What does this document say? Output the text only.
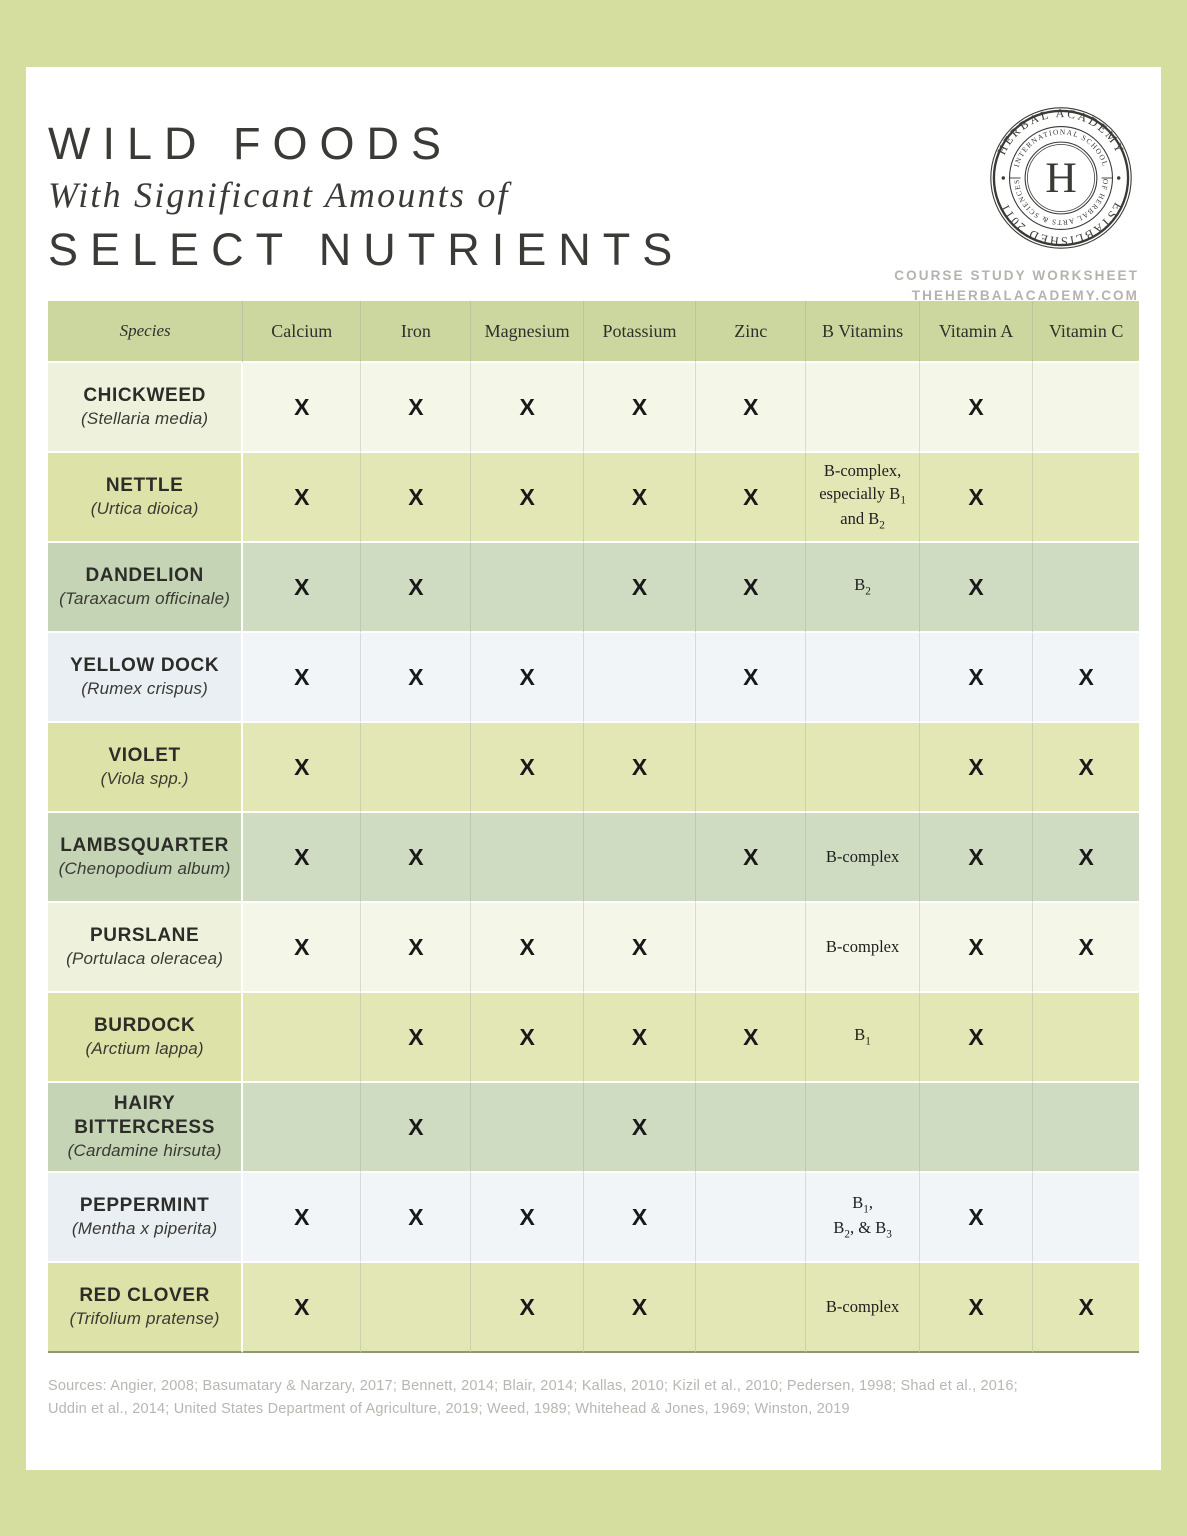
WILD FOODS
With Significant Amounts of
SELECT NUTRIENTS
HERBAL ACADEMY
ESTABLISHED 2011
INTERNATIONAL SCHOOL
OF HERBAL ARTS & SCIENCES H
COURSE STUDY WORKSHEET
THEHERBALACADEMY.COM
Species	Calcium	Iron	Magnesium	Potassium	Zinc	B Vitamins	Vitamin A	Vitamin C

CHICKWEED
(Stellaria media)	X	X	X	X	X		X	

NETTLE
(Urtica dioica)	X	X	X	X	X	B-complex,
especially $B_1$
and $B_2$	X	

DANDELION
(Taraxacum officinale)	X	X		X	X	$B_2$	X	

YELLOW DOCK
(Rumex crispus)	X	X	X		X		X	X

VIOLET
(Viola spp.)	X		X	X			X	X

LAMBSQUARTER
(Chenopodium album)	X	X			X	B-complex	X	X

PURSLANE
(Portulaca oleracea)	X	X	X	X		B-complex	X	X

BURDOCK
(Arctium lappa)		X	X	X	X	$B_1$	X	

HAIRY BITTERCRESS
(Cardamine hirsuta)		X		X				

PEPPERMINT
(Mentha x piperita)	X	X	X	X		$B_1$,
$B_2$, & $B_3$	X	

RED CLOVER
(Trifolium pratense)	X		X	X		B-complex	X	X
Sources: Angier, 2008; Basumatary & Narzary, 2017; Bennett, 2014; Blair, 2014; Kallas, 2010; Kizil et al., 2010; Pedersen, 1998; Shad et al., 2016;
Uddin et al., 2014; United States Department of Agriculture, 2019; Weed, 1989; Whitehead & Jones, 1969; Winston, 2019
